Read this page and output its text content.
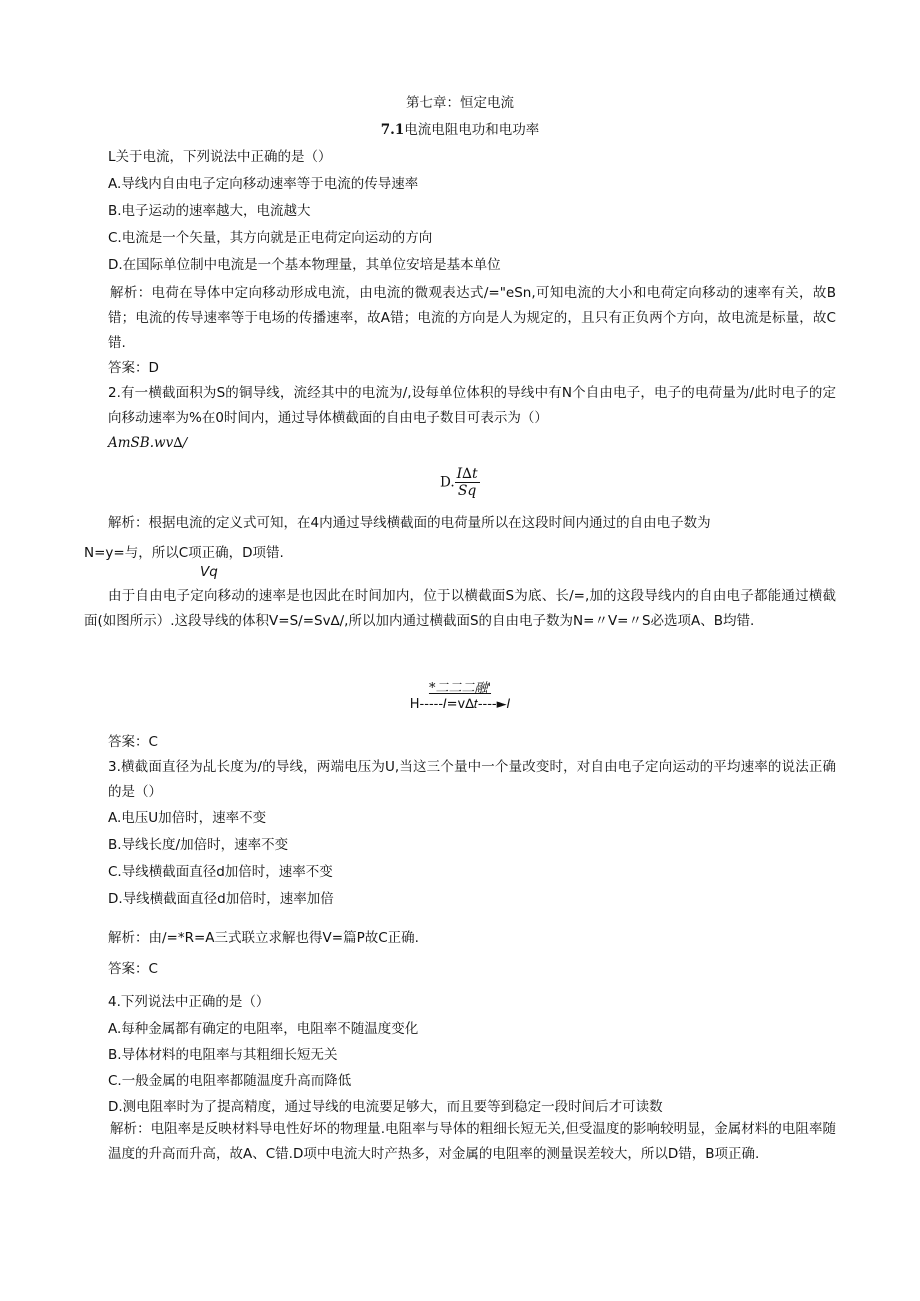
第七章：恒定电流
7.1电流电阻电功和电功率
L关于电流，下列说法中正确的是（）
A.导线内自由电子定向移动速率等于电流的传导速率
B.电子运动的速率越大，电流越大
C.电流是一个矢量，其方向就是正电荷定向运动的方向
D.在国际单位制中电流是一个基本物理量，其单位安培是基本单位
解析：电荷在导体中定向移动形成电流，由电流的微观表达式∕="eSn,可知电流的大小和电荷定向移动的速率有关，故B错；电流的传导速率等于电场的传播速率，故A错；电流的方向是人为规定的，且只有正负两个方向，故电流是标量，故C错.
答案：D
2.有一横截面积为S的铜导线，流经其中的电流为/,设每单位体积的导线中有N个自由电子，电子的电荷量为/此时电子的定向移动速率为%在0时间内，通过导体横截面的自由电子数目可表示为（）
AmSB.wv∆∕
D. $\frac{I\Delta t}{Sq}$
解析：根据电流的定义式可知，在4内通过导线横截面的电荷量所以在这段时间内通过的自由电子数为
N=y=与，所以C项正确，D项错.
Vq
由于自由电子定向移动的速率是也因此在时间加内，位于以横截面S为底、长/=,加的这段导线内的自由电子都能通过横截面(如图所示）.这段导线的体积V=S∕=Sv∆∕,所以加内通过横截面S的自由电子数为N=〃V=〃S必选项A、B均错.
*二二二融'
H-----𝐼=v∆𝑡----►𝐼
答案：C
3.横截面直径为乩长度为/的导线，两端电压为U,当这三个量中一个量改变时，对自由电子定向运动的平均速率的说法正确的是（）
A.电压U加倍时，速率不变
B.导线长度/加倍时，速率不变
C.导线横截面直径d加倍时，速率不变
D.导线横截面直径d加倍时，速率加倍
解析：由∕=*R=A三式联立求解也得V=篇P故C正确.
答案：C
4.下列说法中正确的是（）
A.每种金属都有确定的电阻率，电阻率不随温度变化
B.导体材料的电阻率与其粗细长短无关
C.一般金属的电阻率都随温度升高而降低
D.测电阻率时为了提高精度，通过导线的电流要足够大，而且要等到稳定一段时间后才可读数
解析：电阻率是反映材料导电性好坏的物理量.电阻率与导体的粗细长短无关,但受温度的影响较明显，金属材料的电阻率随温度的升高而升高，故A、C错.D项中电流大时产热多，对金属的电阻率的测量误差较大，所以D错，B项正确.
